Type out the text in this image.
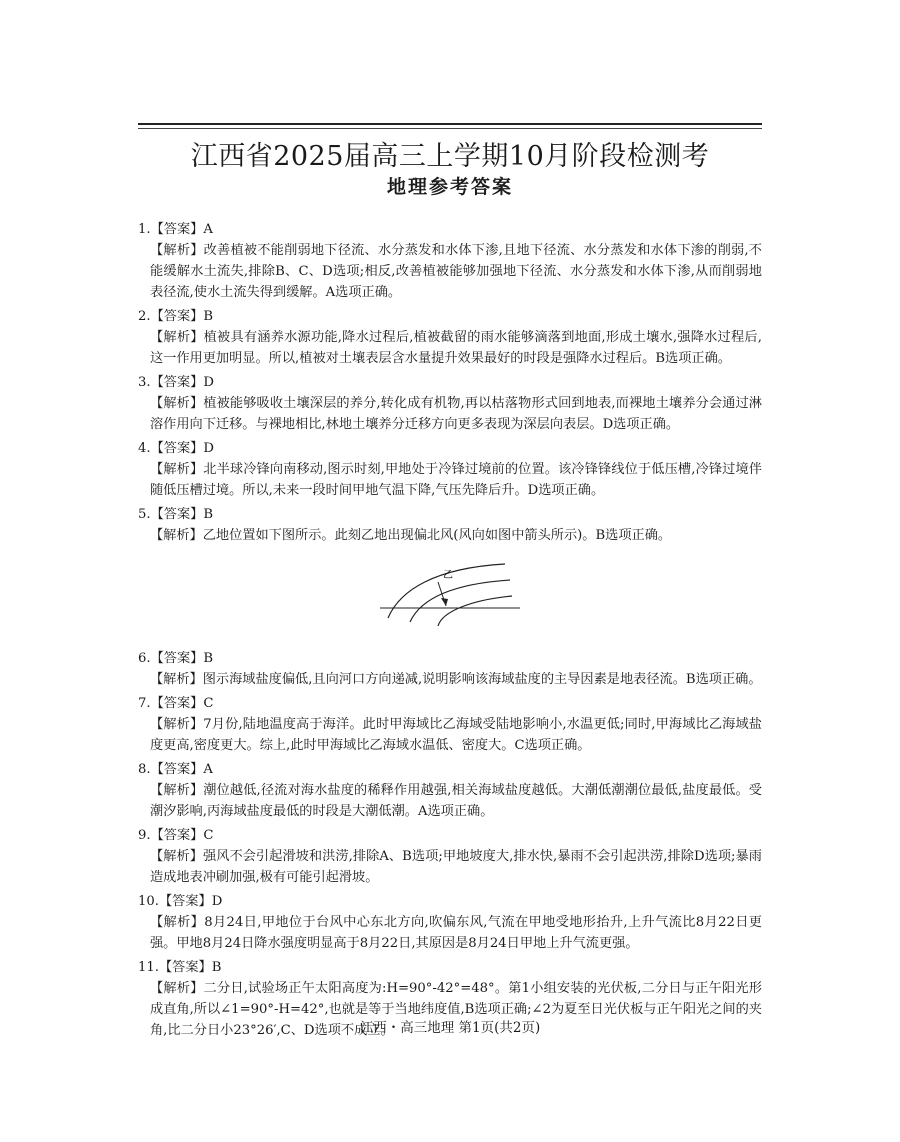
江西省2025届高三上学期10月阶段检测考
地理参考答案

1.【答案】A

【解析】改善植被不能削弱地下径流、水分蒸发和水体下渗,且地下径流、水分蒸发和水体下渗的削弱,不能缓解水土流失,排除B、C、D选项;相反,改善植被能够加强地下径流、水分蒸发和水体下渗,从而削弱地表径流,使水土流失得到缓解。A选项正确。

2.【答案】B

【解析】植被具有涵养水源功能,降水过程后,植被截留的雨水能够滴落到地面,形成土壤水,强降水过程后,这一作用更加明显。所以,植被对土壤表层含水量提升效果最好的时段是强降水过程后。B选项正确。

3.【答案】D

【解析】植被能够吸收土壤深层的养分,转化成有机物,再以枯落物形式回到地表,而裸地土壤养分会通过淋溶作用向下迁移。与裸地相比,林地土壤养分迁移方向更多表现为深层向表层。D选项正确。

4.【答案】D

【解析】北半球冷锋向南移动,图示时刻,甲地处于冷锋过境前的位置。该冷锋锋线位于低压槽,冷锋过境伴随低压槽过境。所以,未来一段时间甲地气温下降,气压先降后升。D选项正确。

5.【答案】B

【解析】乙地位置如下图所示。此刻乙地出现偏北风(风向如图中箭头所示)。B选项正确。

乙

6.【答案】B

【解析】图示海域盐度偏低,且向河口方向递减,说明影响该海域盐度的主导因素是地表径流。B选项正确。

7.【答案】C

【解析】7月份,陆地温度高于海洋。此时甲海域比乙海域受陆地影响小,水温更低;同时,甲海域比乙海域盐度更高,密度更大。综上,此时甲海域比乙海域水温低、密度大。C选项正确。

8.【答案】A

【解析】潮位越低,径流对海水盐度的稀释作用越强,相关海域盐度越低。大潮低潮潮位最低,盐度最低。受潮汐影响,丙海域盐度最低的时段是大潮低潮。A选项正确。

9.【答案】C

【解析】强风不会引起滑坡和洪涝,排除A、B选项;甲地坡度大,排水快,暴雨不会引起洪涝,排除D选项;暴雨造成地表冲刷加强,极有可能引起滑坡。

10.【答案】D

【解析】8月24日,甲地位于台风中心东北方向,吹偏东风,气流在甲地受地形抬升,上升气流比8月22日更强。甲地8月24日降水强度明显高于8月22日,其原因是8月24日甲地上升气流更强。

11.【答案】B

【解析】二分日,试验场正午太阳高度为:H=90°-42°=48°。第1小组安装的光伏板,二分日与正午阳光形成直角,所以∠1=90°-H=42°,也就是等于当地纬度值,B选项正确;∠2为夏至日光伏板与正午阳光之间的夹角,比二分日小23°26′,C、D选项不成立。

江西・高三地理 第1页(共2页)
